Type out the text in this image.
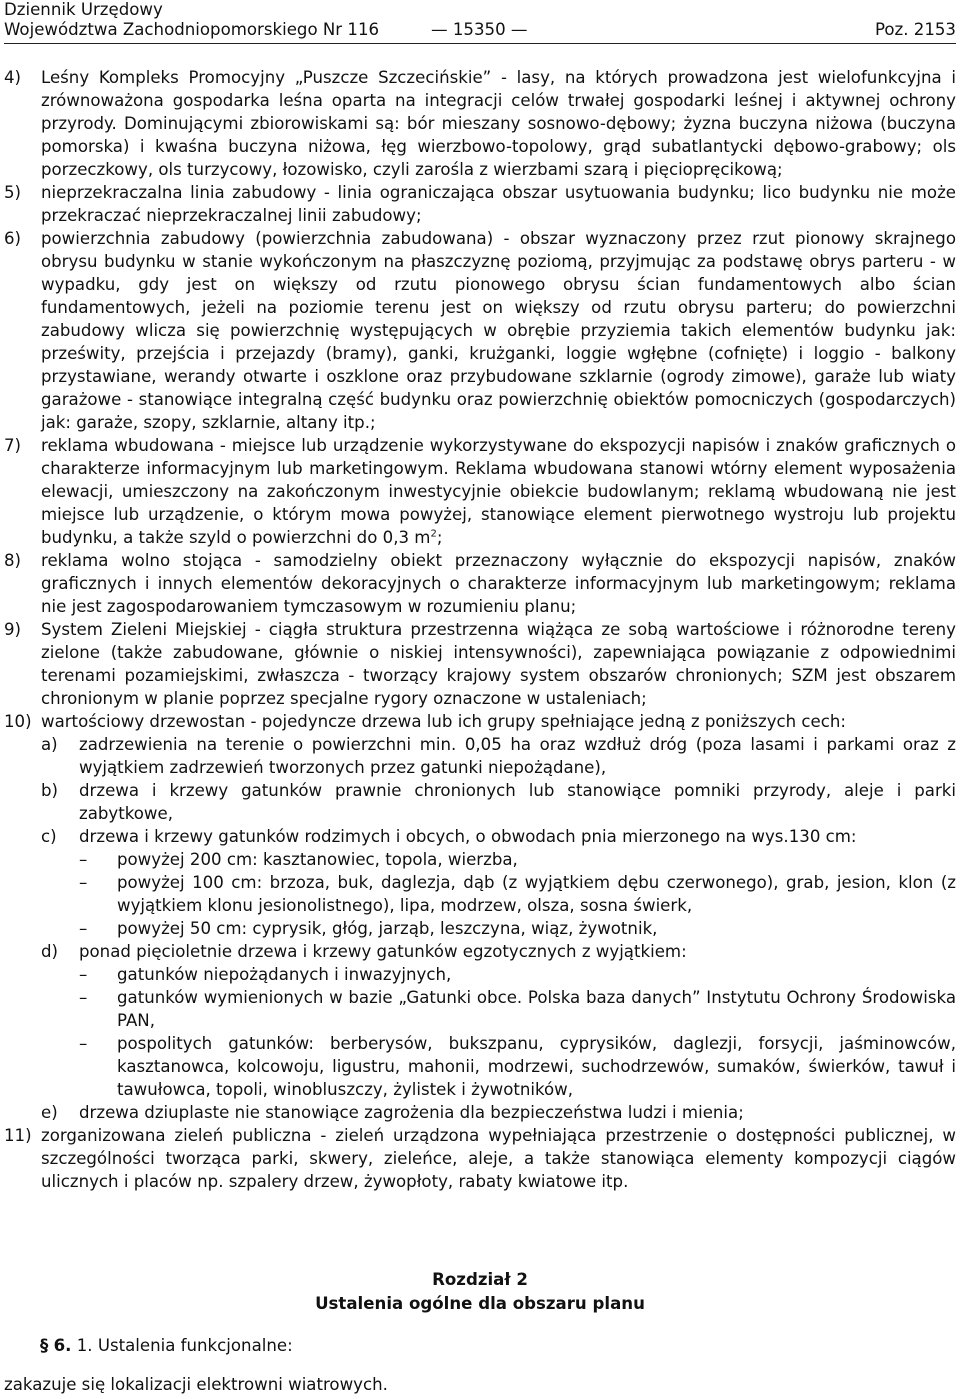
Dziennik Urzędowy
Województwa Zachodniopomorskiego Nr 116	— 15350 —	Poz. 2153
4)	Leśny Kompleks Promocyjny „Puszcze Szczecińskie” - lasy, na których prowadzona jest wielofunkcyjna i zrównoważona gospodarka leśna oparta na integracji celów trwałej gospodarki leśnej i aktywnej ochrony przyrody. Dominującymi zbiorowiskami są: bór mieszany sosnowo-dębowy; żyzna buczyna niżowa (buczyna pomorska) i kwaśna buczyna niżowa, łęg wierzbowo-topolowy, grąd subatlantycki dębowo-grabowy; ols porzeczkowy, ols turzycowy, łozowisko, czyli zarośla z wierzbami szarą i pięciopręcikową;
5)	nieprzekraczalna linia zabudowy - linia ograniczająca obszar usytuowania budynku; lico budynku nie może przekraczać nieprzekraczalnej linii zabudowy;
6)	powierzchnia zabudowy (powierzchnia zabudowana) - obszar wyznaczony przez rzut pionowy skrajnego obrysu budynku w stanie wykończonym na płaszczyznę poziomą, przyjmując za podstawę obrys parteru - w wypadku, gdy jest on większy od rzutu pionowego obrysu ścian fundamentowych albo ścian fundamentowych, jeżeli na poziomie terenu jest on większy od rzutu obrysu parteru; do powierzchni zabudowy wlicza się powierzchnię występujących w obrębie przyziemia takich elementów budynku jak: prześwity, przejścia i przejazdy (bramy), ganki, krużganki, loggie wgłębne (cofnięte) i loggio - balkony przystawiane, werandy otwarte i oszklone oraz przybudowane szklarnie (ogrody zimowe), garaże lub wiaty garażowe - stanowiące integralną część budynku oraz powierzchnię obiektów pomocniczych (gospodarczych) jak: garaże, szopy, szklarnie, altany itp.;
7)	reklama wbudowana - miejsce lub urządzenie wykorzystywane do ekspozycji napisów i znaków graficznych o charakterze informacyjnym lub marketingowym. Reklama wbudowana stanowi wtórny element wyposażenia elewacji, umieszczony na zakończonym inwestycyjnie obiekcie budowlanym; reklamą wbudowaną nie jest miejsce lub urządzenie, o którym mowa powyżej, stanowiące element pierwotnego wystroju lub projektu budynku, a także szyld o powierzchni do 0,3 $m^2$;
8)	reklama wolno stojąca - samodzielny obiekt przeznaczony wyłącznie do ekspozycji napisów, znaków graficznych i innych elementów dekoracyjnych o charakterze informacyjnym lub marketingowym; reklama nie jest zagospodarowaniem tymczasowym w rozumieniu planu;
9)	System Zieleni Miejskiej - ciągła struktura przestrzenna wiążąca ze sobą wartościowe i różnorodne tereny zielone (także zabudowane, głównie o niskiej intensywności), zapewniająca powiązanie z odpowiednimi terenami pozamiejskimi, zwłaszcza - tworzący krajowy system obszarów chronionych; SZM jest obszarem chronionym w planie poprzez specjalne rygory oznaczone w ustaleniach;
10) wartościowy drzewostan - pojedyncze drzewa lub ich grupy spełniające jedną z poniższych cech:
a)	zadrzewienia na terenie o powierzchni min. 0,05 ha oraz wzdłuż dróg (poza lasami i parkami oraz z wyjątkiem zadrzewień tworzonych przez gatunki niepożądane),
b)	drzewa i krzewy gatunków prawnie chronionych lub stanowiące pomniki przyrody, aleje i parki zabytkowe,
c)	drzewa i krzewy gatunków rodzimych i obcych, o obwodach pnia mierzonego na wys.130 cm:
–	powyżej 200 cm: kasztanowiec, topola, wierzba,
–	powyżej 100 cm: brzoza, buk, daglezja, dąb (z wyjątkiem dębu czerwonego), grab, jesion, klon (z wyjątkiem klonu jesionolistnego), lipa, modrzew, olsza, sosna świerk,
–	powyżej 50 cm: cyprysik, głóg, jarząb, leszczyna, wiąz, żywotnik,
d)	ponad pięcioletnie drzewa i krzewy gatunków egzotycznych z wyjątkiem:
–	gatunków niepożądanych i inwazyjnych,
–	gatunków wymienionych w bazie „Gatunki obce. Polska baza danych” Instytutu Ochrony Środowiska PAN,
–	pospolitych gatunków: berberysów, bukszpanu, cyprysików, daglezji, forsycji, jaśminowców, kasztanowca, kolcowoju, ligustru, mahonii, modrzewi, suchodrzewów, sumaków, świerków, tawuł i tawułowca, topoli, winobluszczy, żylistek i żywotników,
e)	drzewa dziuplaste nie stanowiące zagrożenia dla bezpieczeństwa ludzi i mienia;
11) zorganizowana zieleń publiczna - zieleń urządzona wypełniająca przestrzenie o dostępności publicznej, w szczególności tworząca parki, skwery, zieleńce, aleje, a także stanowiąca elementy kompozycji ciągów ulicznych i placów np. szpalery drzew, żywopłoty, rabaty kwiatowe itp.
Rozdział 2
Ustalenia ogólne dla obszaru planu
§ 6. 1. Ustalenia funkcjonalne:
zakazuje się lokalizacji elektrowni wiatrowych.
